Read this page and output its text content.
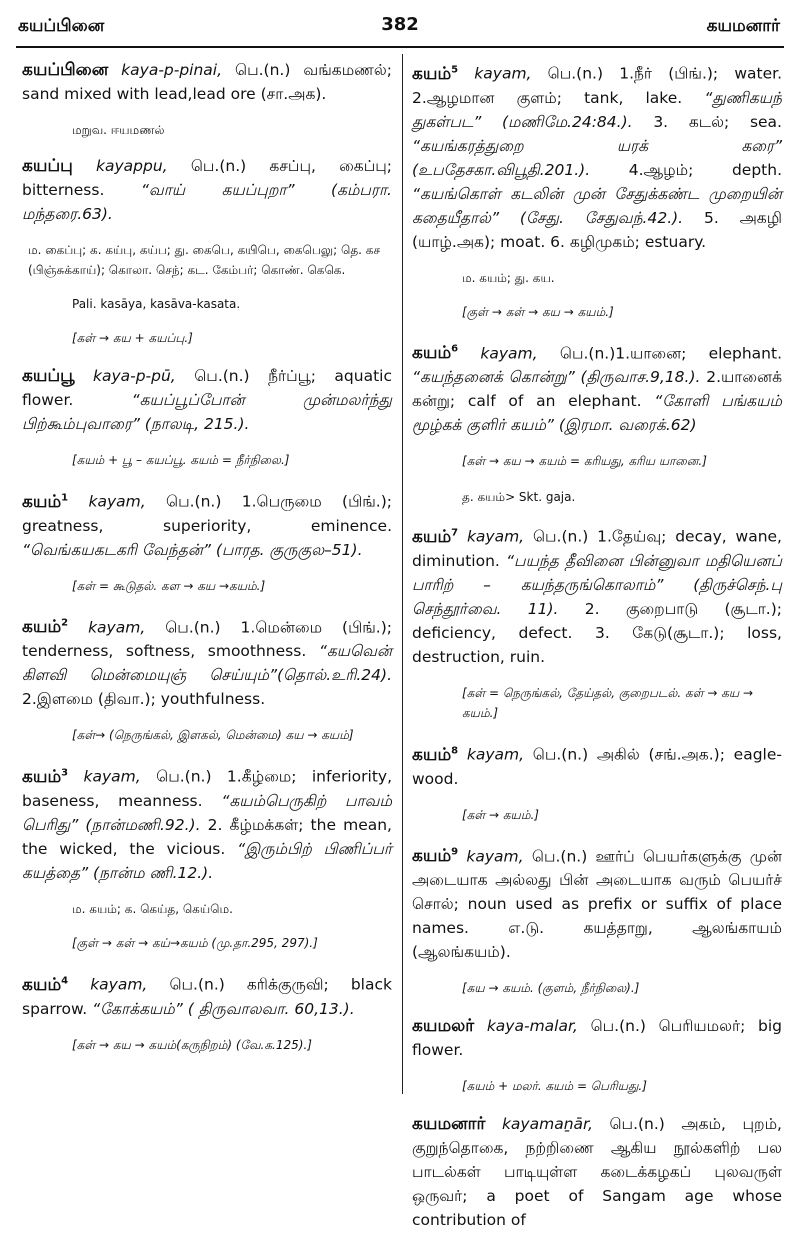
கயப்பினை	382	கயமனார்
கயப்பினை kaya-p-pinai, பெ.(n.) வங்கமணல்; sand mixed with lead,lead ore (சா.அக).
மறுவ. ஈயமணல்
கயப்பு kayappu, பெ.(n.) கசப்பு, கைப்பு; bitterness. “வாய் கயப்புறா” (கம்பரா. மந்தரை.63).
ம. கைப்பு; க. கய்பு, கய்ப; து. கைபெ, கயிபெ, கைபெலு; தெ. கச (பிஞ்சுக்காய்); கொலா. செந்; கட. கேம்பர்; கொண். கெகெ.
Pali. kasāya, kasāva-kasata.
[கள் → கய + கயப்பு.]
கயப்பூ kaya-p-pū, பெ.(n.) நீர்ப்பூ; aquatic flower. “கயப்பூப்போன் முன்மலர்ந்து பிற்கூம்புவாரை” (நாலடி, 215.).
[கயம் + பூ – கயப்பூ. கயம் = நீர்நிலை.]
கயம்$^1$ kayam, பெ.(n.) 1.பெருமை (பிங்.); greatness, superiority, eminence. “வெங்கயகடகரி வேந்தன்” (பாரத. குருகுல–51).
[கள் = கூடுதல். கள → கய →கயம்.]
கயம்$^2$ kayam, பெ.(n.) 1.மென்மை (பிங்.); tenderness, softness, smoothness. “கயவென் கிளவி மென்மையுஞ் செய்யும்”(தொல்.உரி.24). 2.இளமை (திவா.); youthfulness.
[கள்→ (நெருங்கல், இளகல், மென்மை) கய → கயம்]
கயம்$^3$ kayam, பெ.(n.) 1.கீழ்மை; inferiority, baseness, meanness. “கயம்பெருகிற் பாவம் பெரிது” (நான்மணி.92.). 2. கீழ்மக்கள்; the mean, the wicked, the vicious. “இரும்பிற் பிணிப்பர் கயத்தை” (நான்ம ணி.12.).
ம. கயம்; க. கெய்த, கெய்மெ.
[குள் → கள் → கய்→கயம் (மு.தா.295, 297).]
கயம்$^4$ kayam, பெ.(n.) கரிக்குருவி; black sparrow. “கோக்கயம்” ( திருவாலவா. 60,13.).
[கள் → கய → கயம்(கருநிறம்) (வே.க.125).]
கயம்$^5$ kayam, பெ.(n.) 1.நீர் (பிங்.); water. 2.ஆழமான குளம்; tank, lake. “துணிகயந் துகள்பட” (மணிமே.24:84.). 3. கடல்; sea. “கயங்கரத்துறை யரக் கரை” (உபதேசகா.விபூதி.201.). 4.ஆழம்; depth. “கயங்கொள் கடலின் முன் சேதுக்கண்ட முறையின் கதையீதால்” (சேது. சேதுவந்.42.). 5. அகழி (யாழ்.அக); moat. 6. கழிமுகம்; estuary.
ம. கயம்; து. கய.
[குள் → கள் → கய → கயம்.]
கயம்$^6$ kayam, பெ.(n.)1.யானை; elephant. “கயந்தனைக் கொன்று” (திருவாச.9,18.). 2.யானைக் கன்று; calf of an elephant. “கோளி பங்கயம் மூழ்கக் குளிர் கயம்” (இரமா. வரைக்.62)
[கள் → கய → கயம் = கரியது, கரிய யானை.]
த. கயம்> Skt. gaja.
கயம்$^7$ kayam, பெ.(n.) 1.தேய்வு; decay, wane, diminution. “பயந்த தீவினை பின்னுவா மதியெனப் பாரிற் – கயந்தருங்கொலாம்” (திருச்செந்.பு செந்தூர்வை. 11). 2. குறைபாடு (சூடா.); deficiency, defect. 3. கேடு(சூடா.); loss, destruction, ruin.
[கள் = நெருங்கல், தேய்தல், குறைபடல். கள் → கய → கயம்.]
கயம்$^8$ kayam, பெ.(n.) அகில் (சங்.அக.); eagle-wood.
[கள் → கயம்.]
கயம்$^9$ kayam, பெ.(n.) ஊர்ப் பெயர்களுக்கு முன் அடையாக அல்லது பின் அடையாக வரும் பெயர்ச் சொல்; noun used as prefix or suffix of place names. எ.டு. கயத்தாறு, ஆலங்காயம் (ஆலங்கயம்).
[கய → கயம். (குளம், நீர்நிலை).]
கயமலர் kaya-malar, பெ.(n.) பெரியமலர்; big flower.
[கயம் + மலர். கயம் = பெரியது.]
கயமனார் kayamaṉār, பெ.(n.) அகம், புறம், குறுந்தொகை, நற்றிணை ஆகிய நூல்களிற் பல பாடல்கள் பாடியுள்ள கடைக்கழகப் புலவருள் ஒருவர்; a poet of Sangam age whose contribution of
